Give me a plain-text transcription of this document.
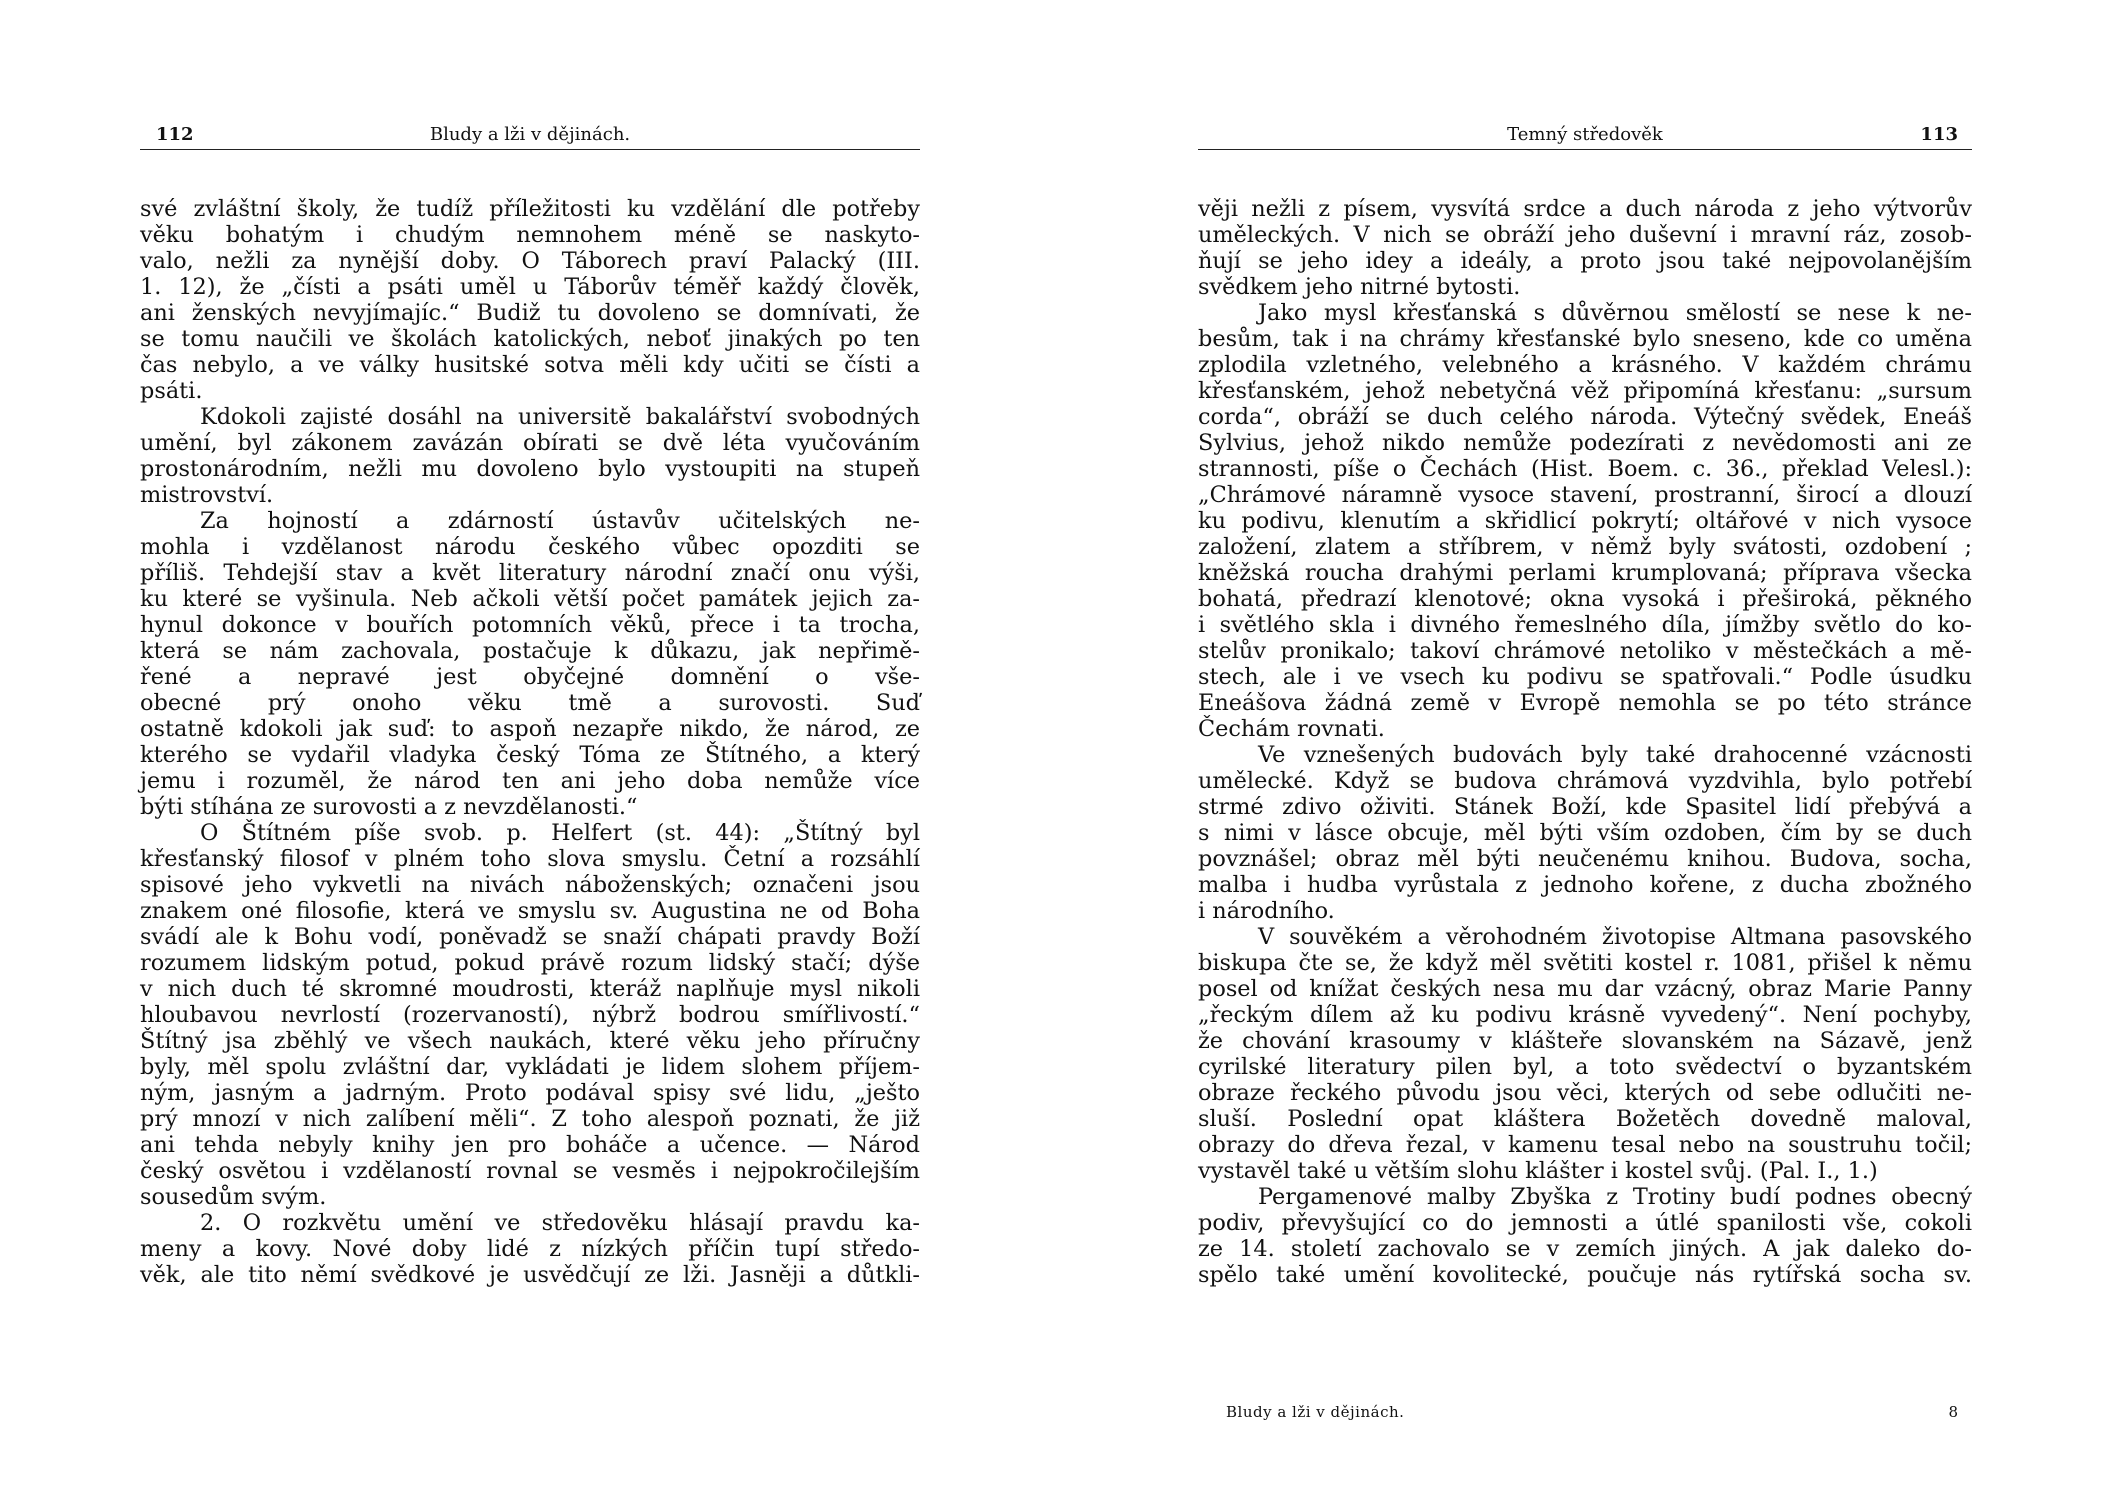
112	Bludy a lži v dějinách.
své zvláštní školy, že tudíž příležitosti ku vzdělání dle potřeby
věku bohatým i chudým nemnohem méně se naskyto-
valo, nežli za nynější doby. O Táborech praví Palacký (III.
1. 12), že „čísti a psáti uměl u Táborův téměř každý člověk,
ani ženských nevyjímajíc.“ Budiž tu dovoleno se domnívati, že
se tomu naučili ve školách katolických, neboť jinakých po ten
čas nebylo, a ve války husitské sotva měli kdy učiti se čísti a
psáti.
Kdokoli zajisté dosáhl na universitě bakalářství svobodných
umění, byl zákonem zavázán obírati se dvě léta vyučováním
prostonárodním, nežli mu dovoleno bylo vystoupiti na stupeň
mistrovství.
Za hojností a zdárností ústavův učitelských ne-
mohla i vzdělanost národu českého vůbec opozditi se
příliš. Tehdejší stav a květ literatury národní značí onu výši,
ku které se vyšinula. Neb ačkoli větší počet památek jejich za-
hynul dokonce v bouřích potomních věků, přece i ta trocha,
která se nám zachovala, postačuje k důkazu, jak nepřimě-
řené a nepravé jest obyčejné domnění o vše-
obecné prý onoho věku tmě a surovosti. Suď
ostatně kdokoli jak suď: to aspoň nezapře nikdo, že národ, ze
kterého se vydařil vladyka český Tóma ze Štítného, a který
jemu i rozuměl, že národ ten ani jeho doba nemůže více
býti stíhána ze surovosti a z nevzdělanosti.“
O Štítném píše svob. p. Helfert (st. 44): „Štítný byl
křesťanský filosof v plném toho slova smyslu. Četní a rozsáhlí
spisové jeho vykvetli na nivách náboženských; označeni jsou
znakem oné filosofie, která ve smyslu sv. Augustina ne od Boha
svádí ale k Bohu vodí, poněvadž se snaží chápati pravdy Boží
rozumem lidským potud, pokud právě rozum lidský stačí; dýše
v nich duch té skromné moudrosti, kteráž naplňuje mysl nikoli
hloubavou nevrlostí (rozervaností), nýbrž bodrou smířlivostí.“
Štítný jsa zběhlý ve všech naukách, které věku jeho příručny
byly, měl spolu zvláštní dar, vykládati je lidem slohem příjem-
ným, jasným a jadrným. Proto podával spisy své lidu, „ješto
prý mnozí v nich zalíbení měli“. Z toho alespoň poznati, že již
ani tehda nebyly knihy jen pro boháče a učence. — Národ
český osvětou i vzdělaností rovnal se vesměs i nejpokročilejším
sousedům svým.
2. O rozkvětu umění ve středověku hlásají pravdu ka-
meny a kovy. Nové doby lidé z nízkých příčin tupí středo-
věk, ale tito němí svědkové je usvědčují ze lži. Jasněji a důtkli-
Temný středověk	113
věji nežli z písem, vysvítá srdce a duch národa z jeho výtvorův
uměleckých. V nich se obráží jeho duševní i mravní ráz, zosob-
ňují se jeho idey a ideály, a proto jsou také nejpovolanějším
svědkem jeho nitrné bytosti.
Jako mysl křesťanská s důvěrnou smělostí se nese k ne-
besům, tak i na chrámy křesťanské bylo sneseno, kde co uměna
zplodila vzletného, velebného a krásného. V každém chrámu
křesťanském, jehož nebetyčná věž připomíná křesťanu: „sursum
corda“, obráží se duch celého národa. Výtečný svědek, Eneáš
Sylvius, jehož nikdo nemůže podezírati z nevědomosti ani ze
strannosti, píše o Čechách (Hist. Boem. c. 36., překlad Velesl.):
„Chrámové náramně vysoce stavení, prostranní, širocí a dlouzí
ku podivu, klenutím a skřidlicí pokrytí; oltářové v nich vysoce
založení, zlatem a stříbrem, v němž byly svátosti, ozdobení ;
kněžská roucha drahými perlami krumplovaná; příprava všecka
bohatá, předrazí klenotové; okna vysoká i přeširoká, pěkného
i světlého skla i divného řemeslného díla, jímžby světlo do ko-
stelův pronikalo; takoví chrámové netoliko v městečkách a mě-
stech, ale i ve vsech ku podivu se spatřovali.“ Podle úsudku
Eneášova žádná země v Evropě nemohla se po této stránce
Čechám rovnati.
Ve vznešených budovách byly také drahocenné vzácnosti
umělecké. Když se budova chrámová vyzdvihla, bylo potřebí
strmé zdivo oživiti. Stánek Boží, kde Spasitel lidí přebývá a
s nimi v lásce obcuje, měl býti vším ozdoben, čím by se duch
povznášel; obraz měl býti neučenému knihou. Budova, socha,
malba i hudba vyrůstala z jednoho kořene, z ducha zbožného
i národního.
V souvěkém a věrohodném životopise Altmana pasovského
biskupa čte se, že když měl světiti kostel r. 1081, přišel k němu
posel od knížat českých nesa mu dar vzácný, obraz Marie Panny
„řeckým dílem až ku podivu krásně vyvedený“. Není pochyby,
že chování krasoumy v klášteře slovanském na Sázavě, jenž
cyrilské literatury pilen byl, a toto svědectví o byzantském
obraze řeckého původu jsou věci, kterých od sebe odlučiti ne-
sluší. Poslední opat kláštera Božetěch dovedně maloval,
obrazy do dřeva řezal, v kamenu tesal nebo na soustruhu točil;
vystavěl také u větším slohu klášter i kostel svůj. (Pal. I., 1.)
Pergamenové malby Zbyška z Trotiny budí podnes obecný
podiv, převyšující co do jemnosti a útlé spanilosti vše, cokoli
ze 14. století zachovalo se v zemích jiných. A jak daleko do-
spělo také umění kovolitecké, poučuje nás rytířská socha sv.
Bludy a lži v dějinách.	8
